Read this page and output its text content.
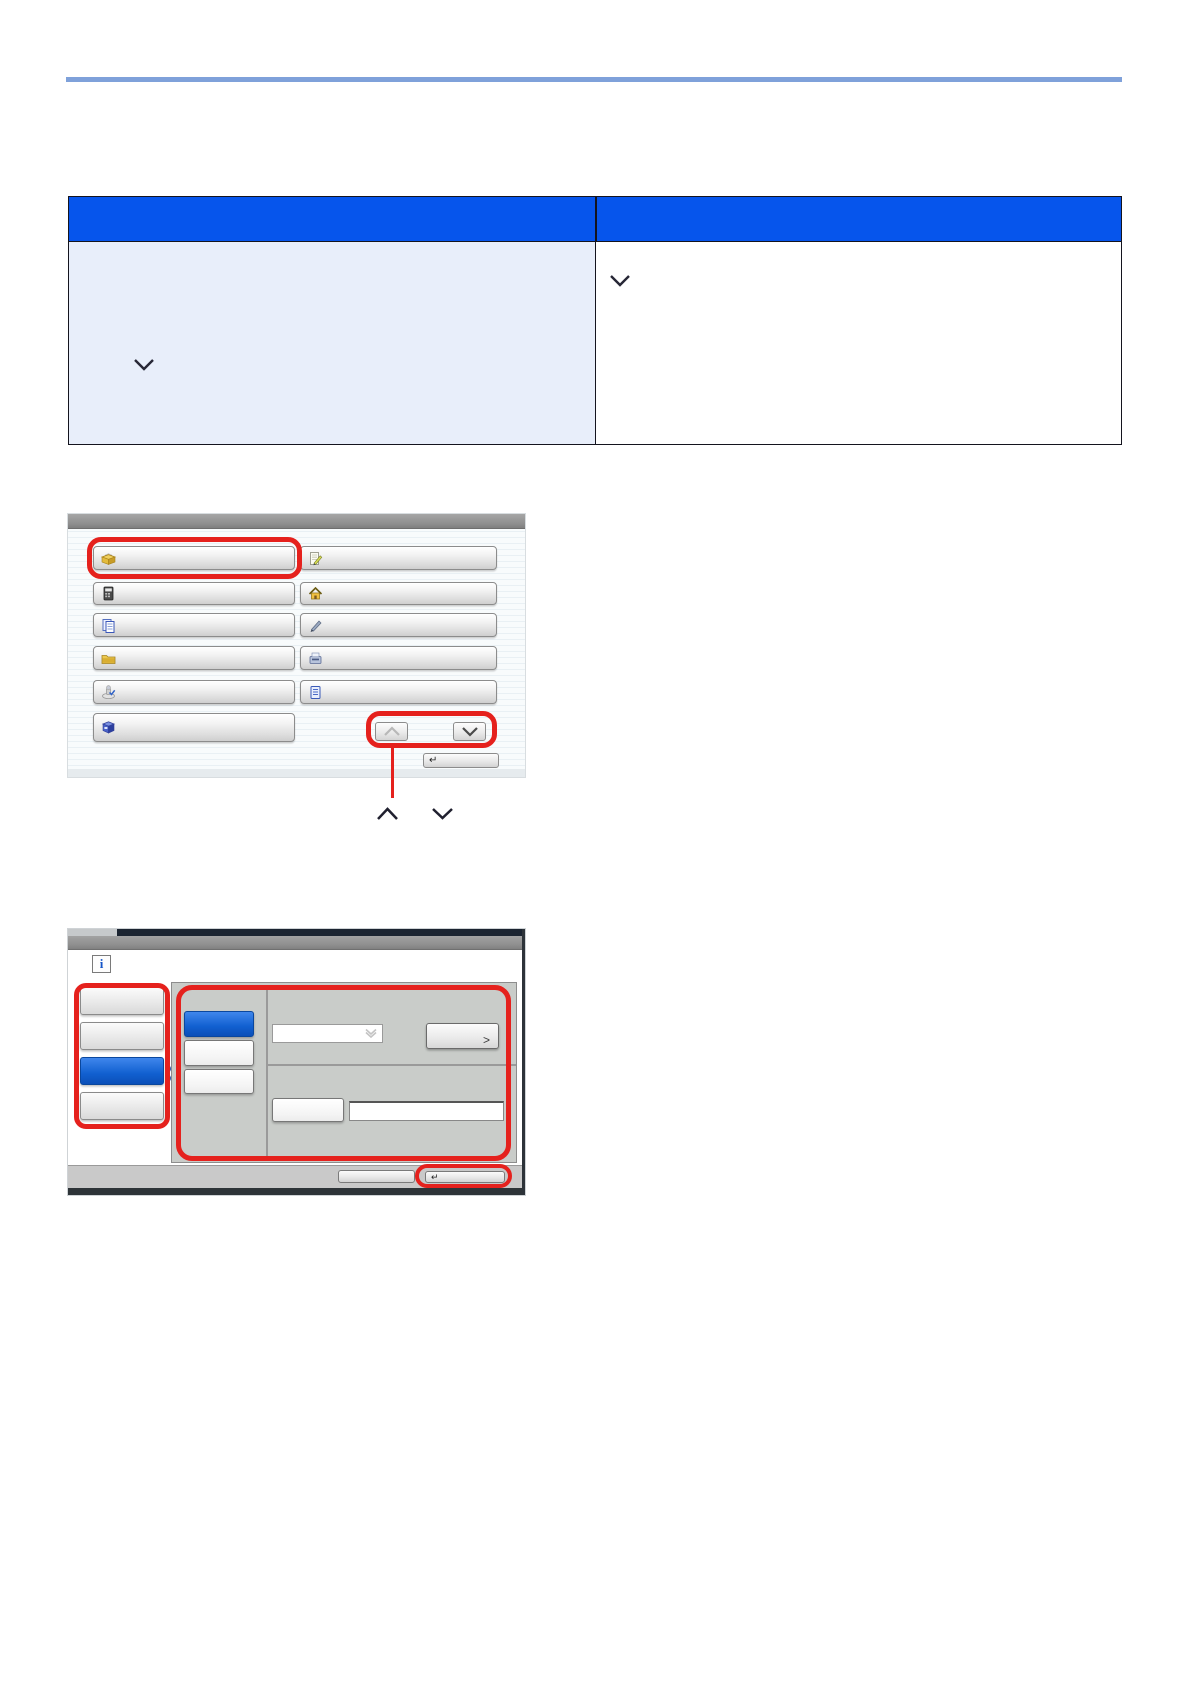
↵
i
>
↵
